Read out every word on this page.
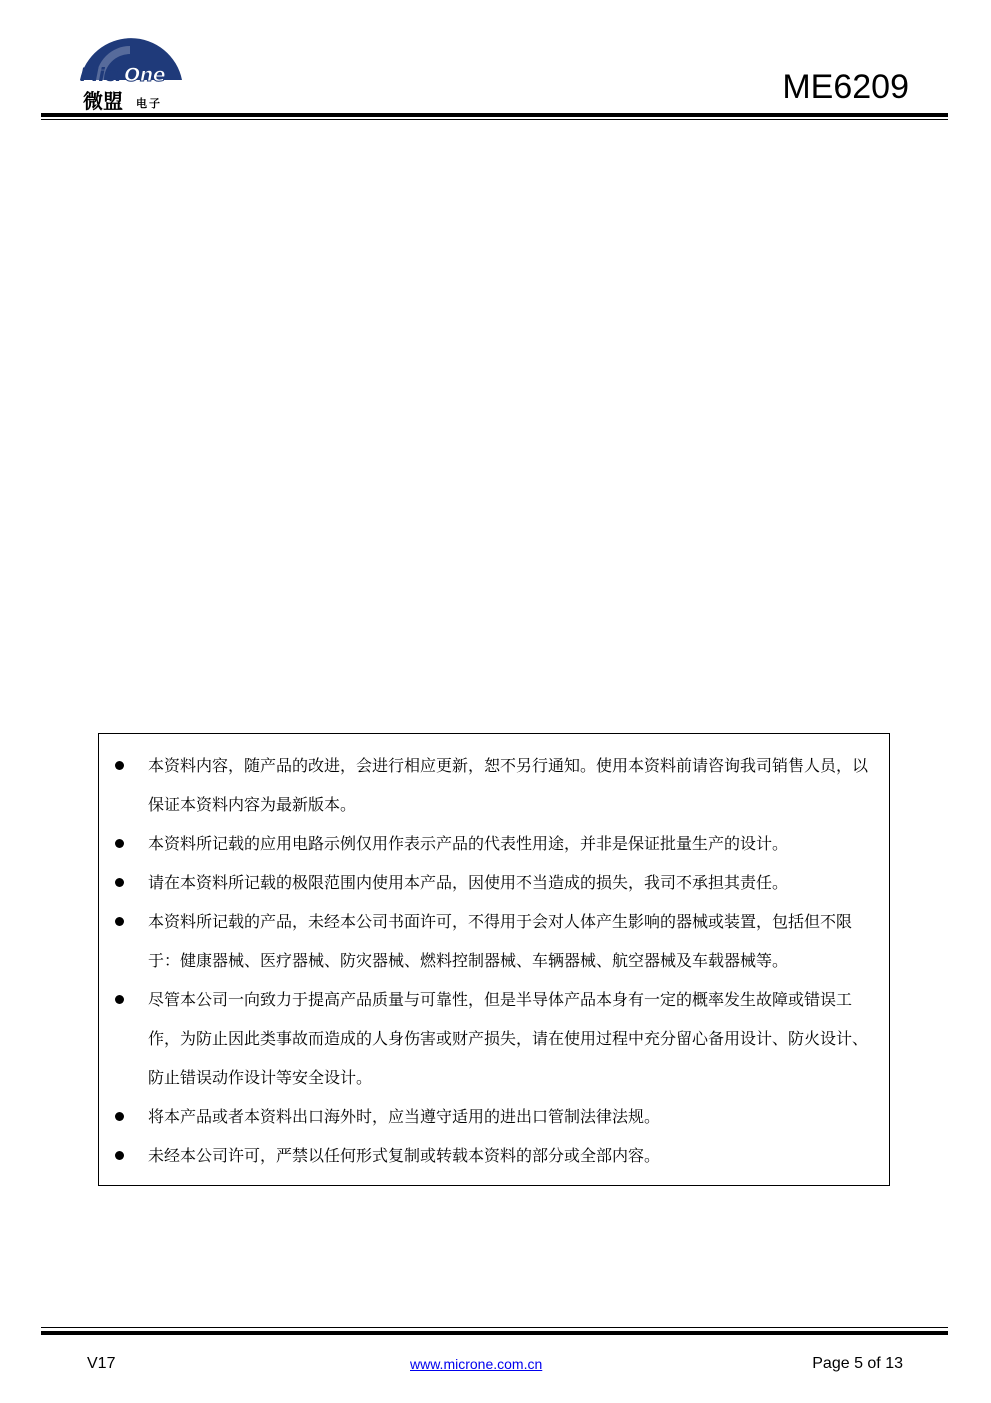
MicrOne
微盟 电子	ME6209
本资料内容，随产品的改进，会进行相应更新，恕不另行通知。使用本资料前请咨询我司销售人员，以保证本资料内容为最新版本。
本资料所记载的应用电路示例仅用作表示产品的代表性用途，并非是保证批量生产的设计。
请在本资料所记载的极限范围内使用本产品，因使用不当造成的损失，我司不承担其责任。
本资料所记载的产品，未经本公司书面许可，不得用于会对人体产生影响的器械或装置，包括但不限于：健康器械、医疗器械、防灾器械、燃料控制器械、车辆器械、航空器械及车载器械等。
尽管本公司一向致力于提高产品质量与可靠性，但是半导体产品本身有一定的概率发生故障或错误工作，为防止因此类事故而造成的人身伤害或财产损失，请在使用过程中充分留心备用设计、防火设计、防止错误动作设计等安全设计。
将本产品或者本资料出口海外时，应当遵守适用的进出口管制法律法规。
未经本公司许可，严禁以任何形式复制或转载本资料的部分或全部内容。
V17	www.microne.com.cn	Page 5 of 13
